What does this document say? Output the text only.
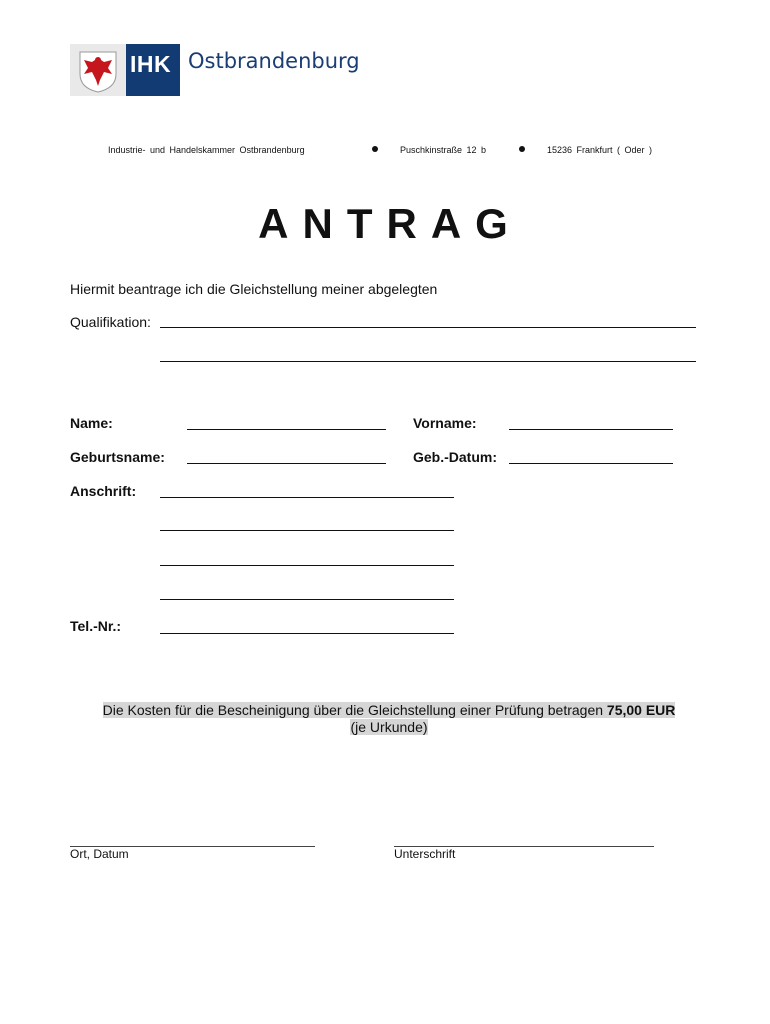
IHK Ostbrandenburg
Industrie- und Handelskammer Ostbrandenburg	Puschkinstraße 12 b	15236 Frankfurt ( Oder )
ANTRAG
Hiermit beantrage ich die Gleichstellung meiner abgelegten
Qualifikation:
Name:	Vorname:
Geburtsname:	Geb.-Datum:
Anschrift:
Tel.-Nr.:
Die Kosten für die Bescheinigung über die Gleichstellung einer Prüfung betragen 75,00 EUR
(je Urkunde)
Ort, Datum	Unterschrift
